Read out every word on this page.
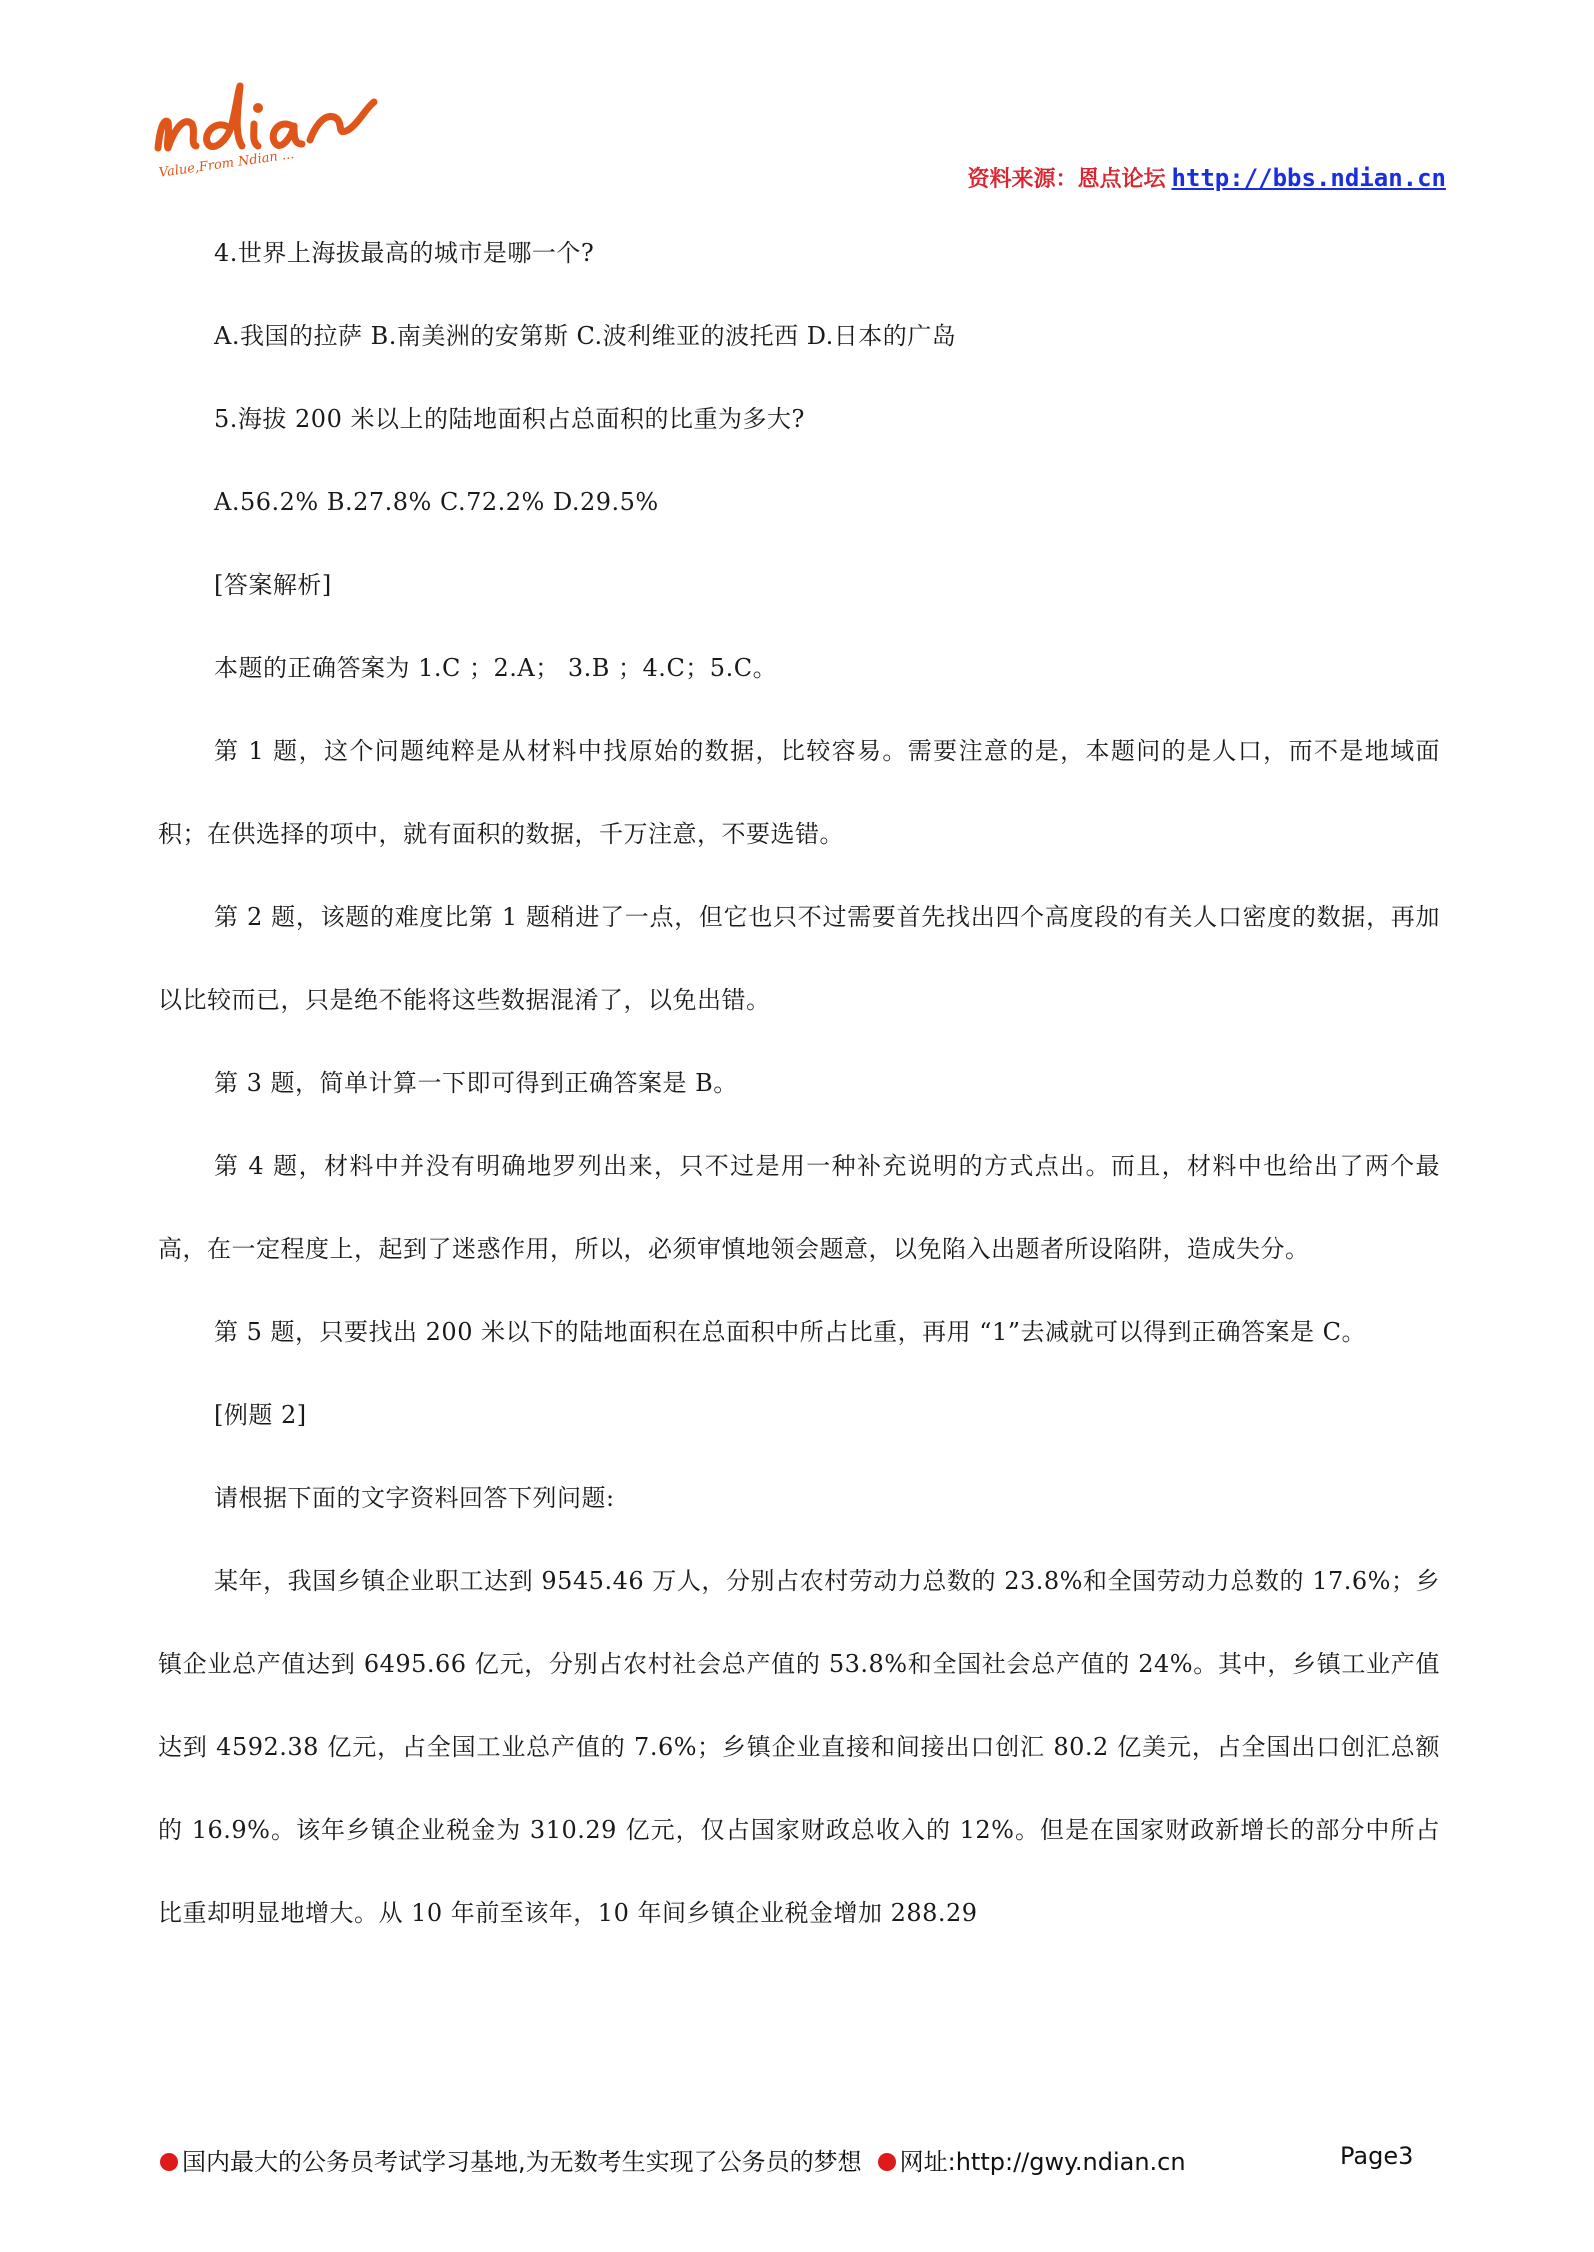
Value,From Ndian ...	资料来源：恩点论坛 http://bbs.ndian.cn

4.世界上海拔最高的城市是哪一个?

A.我国的拉萨 B.南美洲的安第斯 C.波利维亚的波托西 D.日本的广岛

5.海拔 200 米以上的陆地面积占总面积的比重为多大?

A.56.2% B.27.8% C.72.2% D.29.5%

[答案解析]

本题的正确答案为 1.C ；2.A； 3.B ；4.C；5.C。

第 1 题，这个问题纯粹是从材料中找原始的数据，比较容易。需要注意的是，本题问的是人口，而不是地域面积；在供选择的项中，就有面积的数据，千万注意，不要选错。

第 2 题，该题的难度比第 1 题稍进了一点，但它也只不过需要首先找出四个高度段的有关人口密度的数据，再加以比较而已，只是绝不能将这些数据混淆了，以免出错。

第 3 题，简单计算一下即可得到正确答案是 B。

第 4 题，材料中并没有明确地罗列出来，只不过是用一种补充说明的方式点出。而且，材料中也给出了两个最高，在一定程度上，起到了迷惑作用，所以，必须审慎地领会题意，以免陷入出题者所设陷阱，造成失分。

第 5 题，只要找出 200 米以下的陆地面积在总面积中所占比重，再用 “1”去减就可以得到正确答案是 C。

[例题 2]

请根据下面的文字资料回答下列问题:

某年，我国乡镇企业职工达到 9545.46 万人，分别占农村劳动力总数的 23.8%和全国劳动力总数的 17.6%；乡镇企业总产值达到 6495.66 亿元，分别占农村社会总产值的 53.8%和全国社会总产值的 24%。其中，乡镇工业产值达到 4592.38 亿元，占全国工业总产值的 7.6%；乡镇企业直接和间接出口创汇 80.2 亿美元，占全国出口创汇总额的 16.9%。该年乡镇企业税金为 310.29 亿元，仅占国家财政总收入的 12%。但是在国家财政新增长的部分中所占比重却明显地增大。从 10 年前至该年，10 年间乡镇企业税金增加 288.29

国内最大的公务员考试学习基地,为无数考生实现了公务员的梦想 网址:http://gwy.ndian.cn	Page3
